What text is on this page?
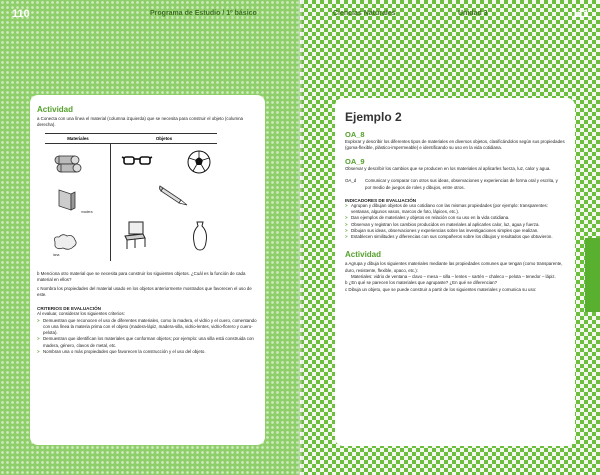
110	Programa de Estudio / 1º básico	Ciencias Naturales	Unidad 3	111
Actividad
a Conecta con una línea el material (columna izquierda) que se necesita para construir el objeto (columna derecha).
Materiales	Objetos
madera
lana
b Menciona otro material que se necesita para construir los siguientes objetos. ¿Cuál es la función de cada material en ellos?
c Nombra los propiedades del material usado en los objetos anteriormente mostrados que favorecen el uso de este.
CRITERIOS DE EVALUACIÓN
Al evaluar, considerar los siguientes criterios:
> Demuestran que reconocen el uso de diferentes materiales, como la madera, el vidrio y el cuero, comentando con una línea la materia prima con el objeto (madera-lápiz, madera-silla, vidrio-lentes, vidrio-florero y cuero-pelota).
> Demuestran que identifican los materiales que conforman objetos; por ejemplo: una silla está construida con madera, género, clavos de metal, etc.
> Nombran una o más propiedades que favorecen la construcción y el uso del objeto.
Ejemplo 2
OA_8
Explorar y describir los diferentes tipos de materiales en diversos objetos, clasificándolos según sus propiedades (goma-flexible, plástico-impermeable) e identificando su uso en la vida cotidiana.
OA_9
Observar y describir los cambios que se producen en los materiales al aplicarles fuerza, luz, calor y agua.
OA_d	Comunicar y comparar con otros sus ideas, observaciones y experiencias de forma oral y escrita, y por medio de juegos de roles y dibujos, entre otros.
INDICADORES DE EVALUACIÓN
> Agrupan y dibujan objetos de uso cotidiano con las mismas propiedades (por ejemplo: transparentes: ventanas, algunos vasos, marcos de foto, lápices, etc.).
> Dan ejemplos de materiales y objetos en relación con su uso en la vida cotidiana.
> Observan y registran los cambios producidos en materiales al aplicarles calor, luz, agua y fuerza.
> Dibujan sus ideas, observaciones y experiencias sobre las investigaciones simples que realizan.
> Establecen similitudes y diferencias con sus compañeros sobre los dibujos y resultados que obtuvieron.
Actividad
a Agrupa y dibuja los siguientes materiales mediante las propiedades comunes que tengan (como transparente, duro, resistente, flexible, opaco, etc.):
Materiales: vidrio de ventana – clavo – mesa – silla – lentes – sartén – chaleco – pelota – tenedor – lápiz.
b ¿En qué se parecen los materiales que agrupaste? ¿En qué se diferencian?
c Dibuja un objeto, que se puede construir a partir de los siguientes materiales y comunica su uso:
